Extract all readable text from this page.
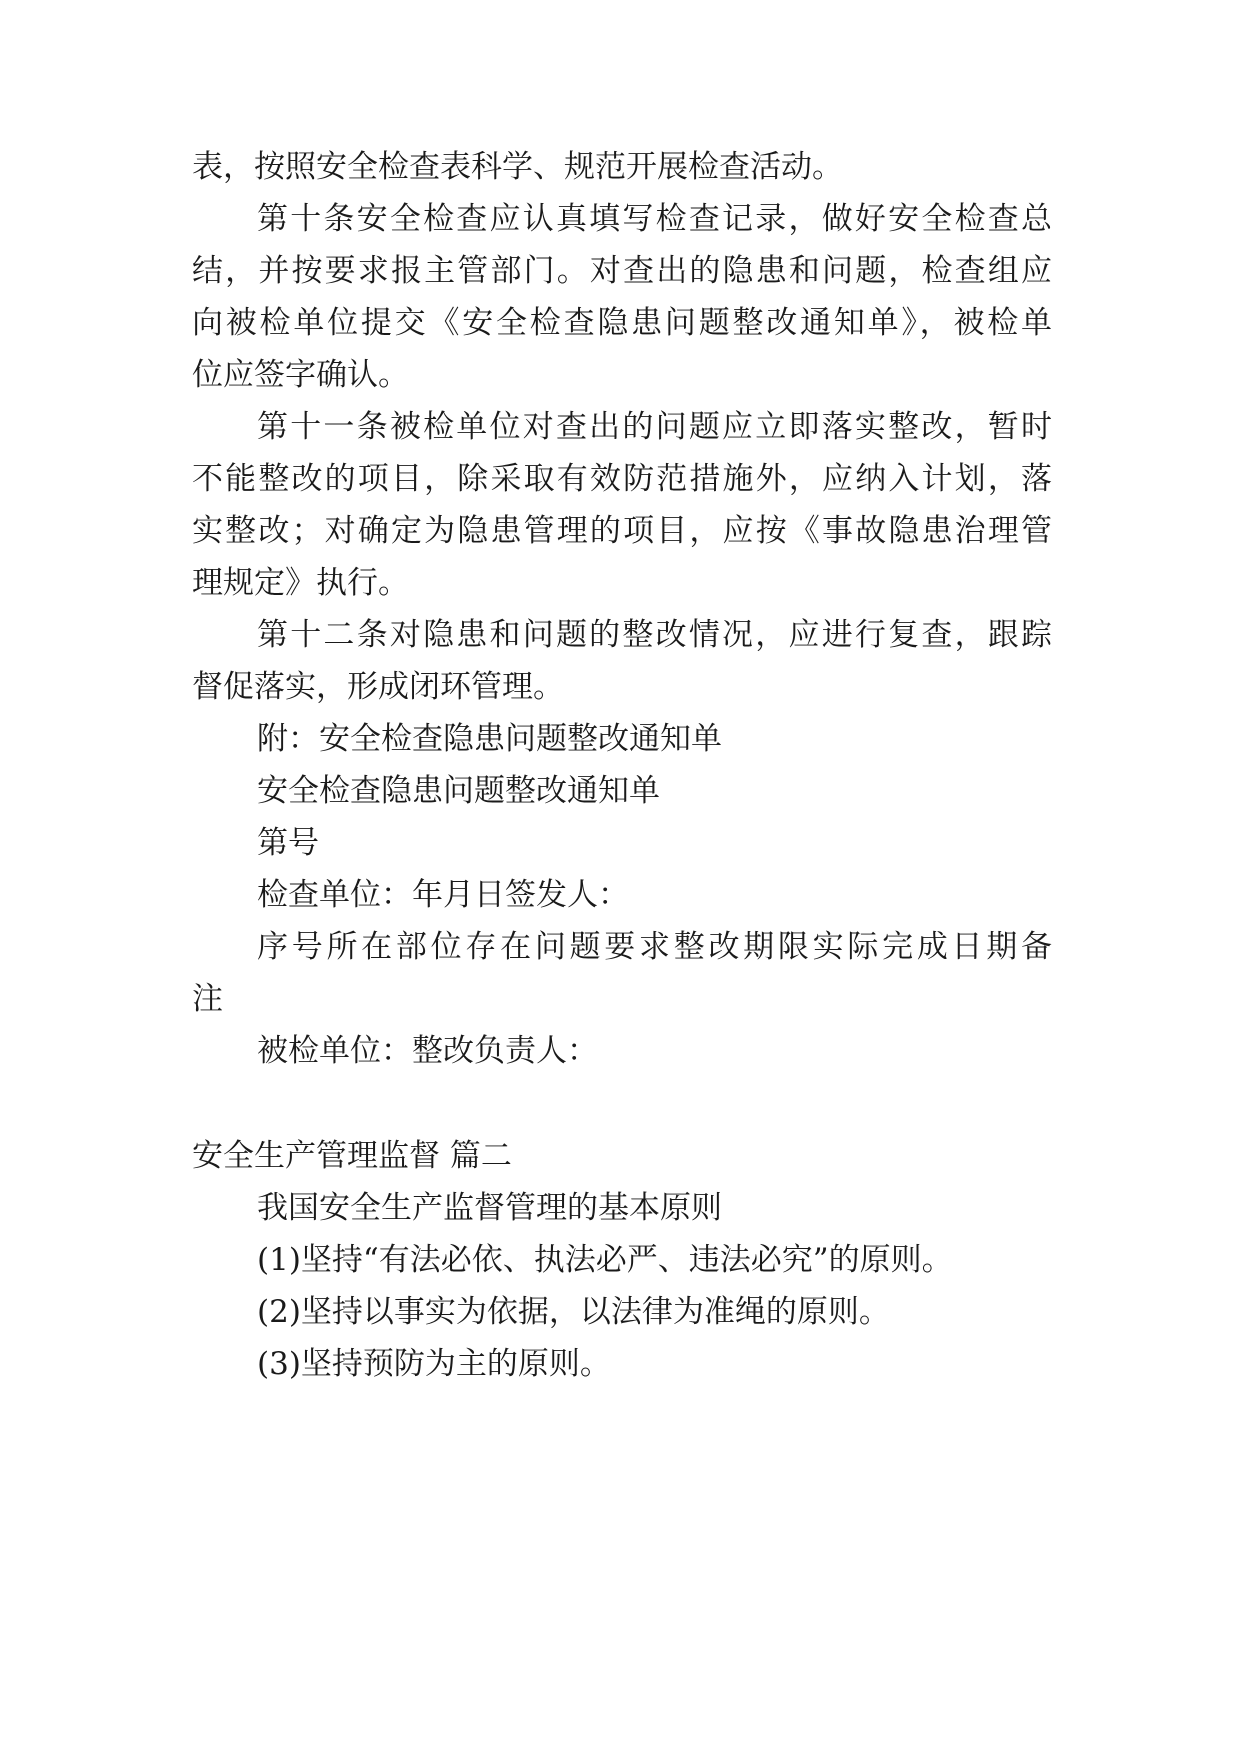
表，按照安全检查表科学、规范开展检查活动。
第十条安全检查应认真填写检查记录，做好安全检查总
结，并按要求报主管部门。对查出的隐患和问题，检查组应
向被检单位提交《安全检查隐患问题整改通知单》，被检单
位应签字确认。
第十一条被检单位对查出的问题应立即落实整改，暂时
不能整改的项目，除采取有效防范措施外，应纳入计划，落
实整改；对确定为隐患管理的项目，应按《事故隐患治理管
理规定》执行。
第十二条对隐患和问题的整改情况，应进行复查，跟踪
督促落实，形成闭环管理。
附：安全检查隐患问题整改通知单
安全检查隐患问题整改通知单
第号
检查单位：年月日签发人：
序号所在部位存在问题要求整改期限实际完成日期备
注
被检单位：整改负责人：
安全生产管理监督 篇二
我国安全生产监督管理的基本原则
(1)坚持“有法必依、执法必严、违法必究”的原则。
(2)坚持以事实为依据，以法律为准绳的原则。
(3)坚持预防为主的原则。
